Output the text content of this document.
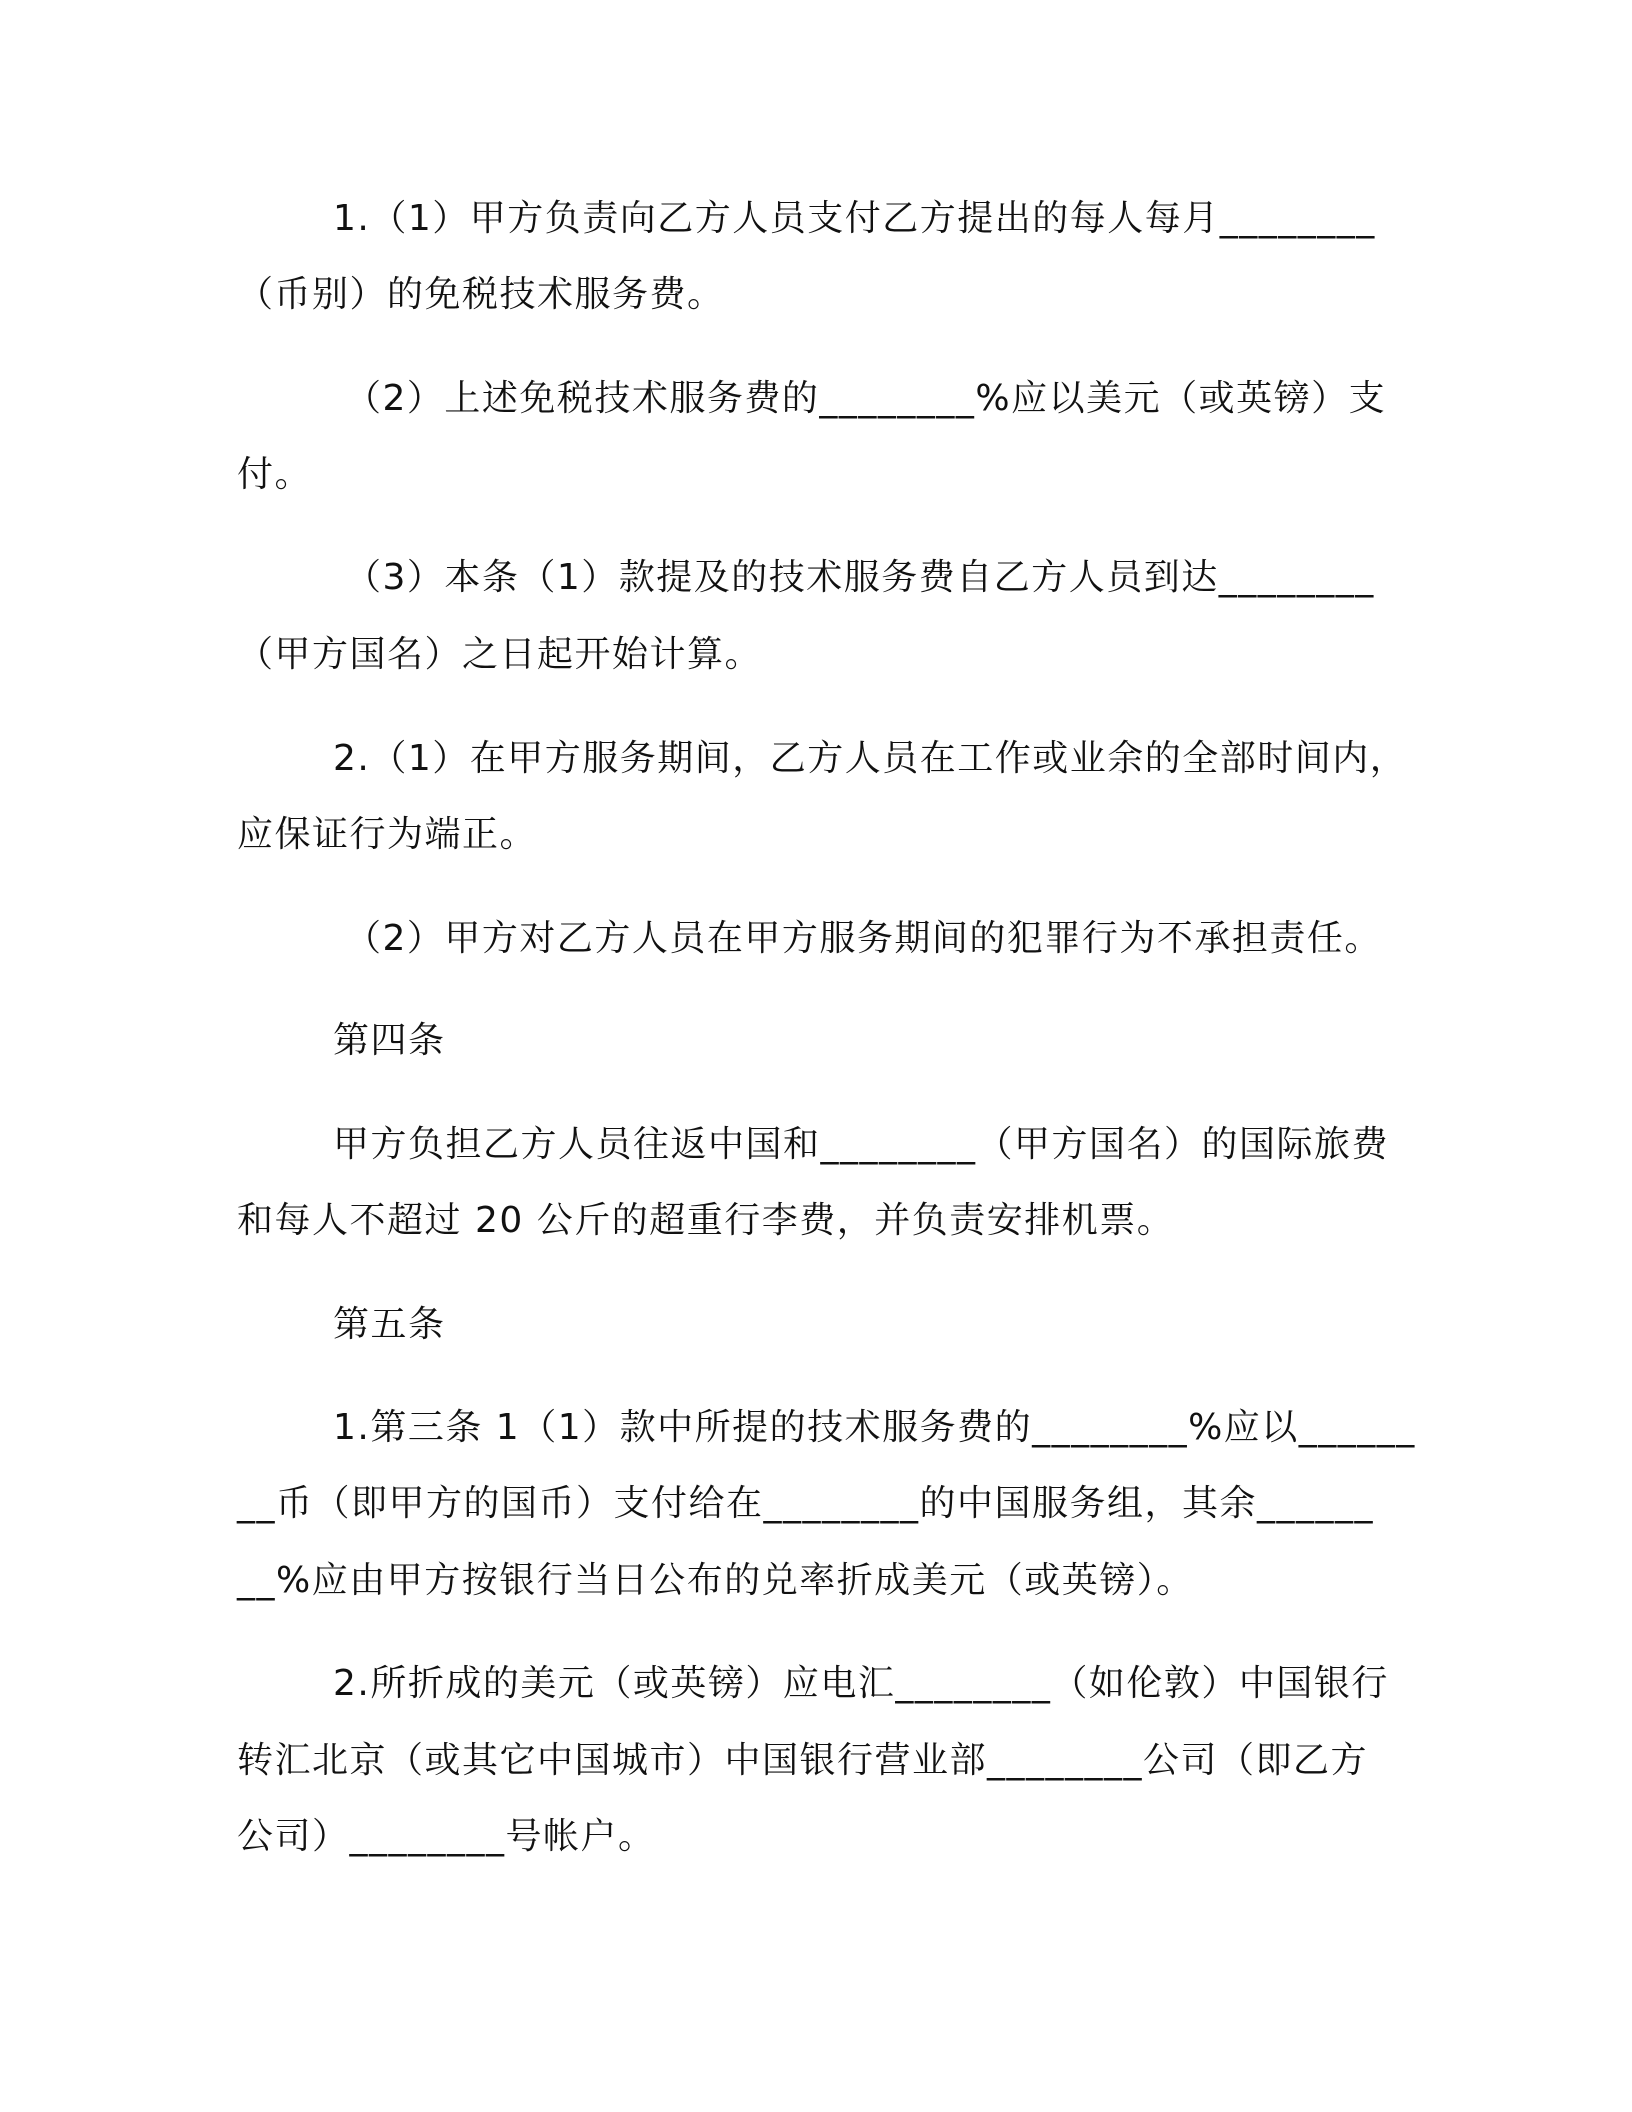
1.（1）甲方负责向乙方人员支付乙方提出的每人每月________
（币别）的免税技术服务费。
（2）上述免税技术服务费的________%应以美元（或英镑）支
付。
（3）本条（1）款提及的技术服务费自乙方人员到达________
（甲方国名）之日起开始计算。
2.（1）在甲方服务期间，乙方人员在工作或业余的全部时间内，
应保证行为端正。
（2）甲方对乙方人员在甲方服务期间的犯罪行为不承担责任。
第四条
甲方负担乙方人员往返中国和________（甲方国名）的国际旅费
和每人不超过 20 公斤的超重行李费，并负责安排机票。
第五条
1.第三条 1（1）款中所提的技术服务费的________%应以______
__币（即甲方的国币）支付给在________的中国服务组，其余______
__%应由甲方按银行当日公布的兑率折成美元（或英镑）。
2.所折成的美元（或英镑）应电汇________（如伦敦）中国银行
转汇北京（或其它中国城市）中国银行营业部________公司（即乙方
公司）________号帐户。
